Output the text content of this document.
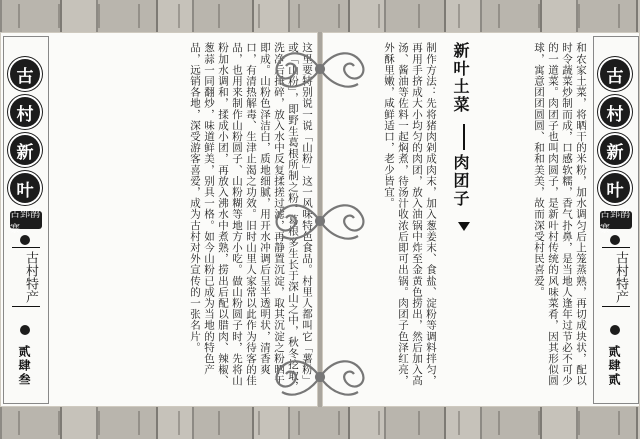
古
村
新
叶
古郢鹊寨
古村特产
贰肆叁
古
村
新
叶
古郢鹊寨
古村特产
贰肆贰
这里要特别说一说「山粉」这一风味特色食品。村里人都叫它「薯粉」或「山粉」，即野生葛根所制之粉。葛根多生长于深山之中，秋冬挖取，洗净后捶碎，放入水中反复揉搓过滤，再静置沉淀，取其沉淀之粉晒干即成。山粉色泽洁白，质地细腻，用开水冲调后呈半透明状，清香爽口，有清热解毒、生津止渴之功效。旧时山里人家常以此作为待客的佳品，也用来制作山粉圆子、山粉糊等地方小吃。做山粉圆子时，先将山粉加水调和，揉成小团，再放入沸水中煮熟，捞出后配以腊肉、辣椒、葱蒜一同翻炒，味道鲜美，别具一格。如今山粉已成为当地的特色产品，远销各地，深受游客喜爱，成为古村对外宣传的一张名片。	和农家土菜，将晒干的米粉，加水调匀后上笼蒸熟，再切成块状，配以时令蔬菜炒制而成，口感软糯，香气扑鼻，是当地人逢年过节必不可少的一道菜。肉团子也叫肉圆子，是新叶村传统的风味菜肴，因其形似圆球，寓意团团圆圆、和和美美，故而深受村民喜爱。
制作方法：先将猪肉剁成肉末，加入葱姜末、食盐、淀粉等调料拌匀，再用手挤成大小均匀的肉团，放入油锅中炸至金黄色捞出，然后加入高汤、酱油等佐料一起焖煮，待汤汁收浓后即可出锅。肉团子色泽红亮，外酥里嫩，咸鲜适口，老少皆宜。	新叶土菜
肉团子
